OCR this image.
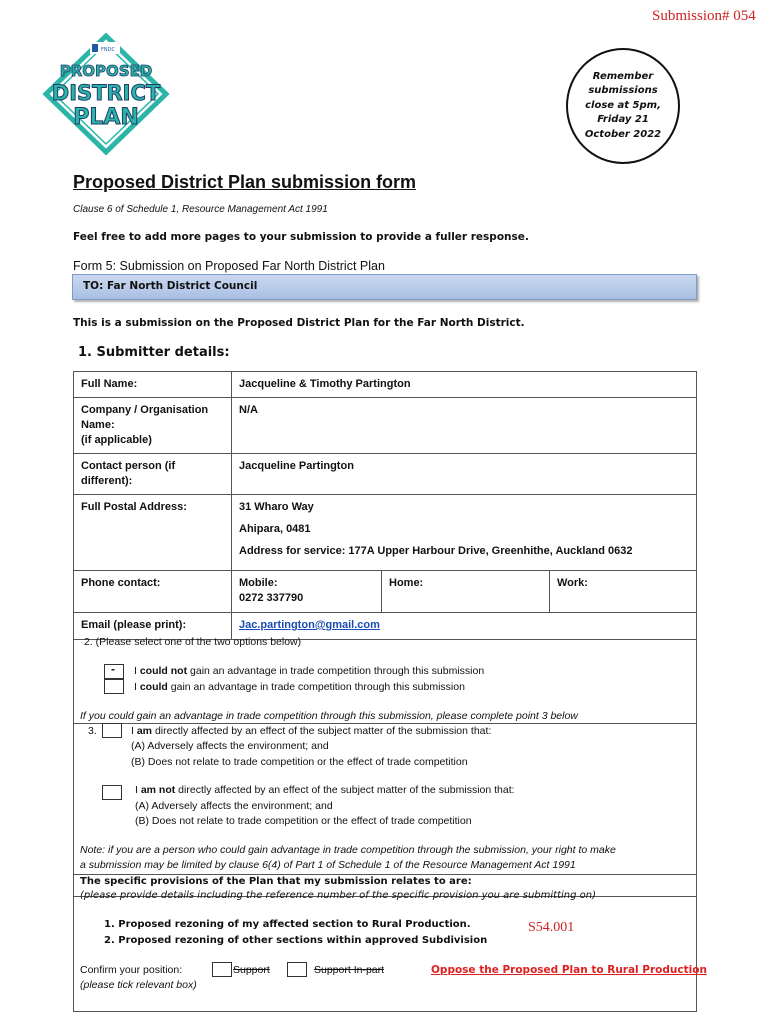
Submission# 054
FNDC
PROPOSED
DISTRICT
PLAN
Remember
submissions
close at 5pm,
Friday 21
October 2022
Proposed District Plan submission form
Clause 6 of Schedule 1, Resource Management Act 1991
Feel free to add more pages to your submission to provide a fuller response.
Form 5: Submission on Proposed Far North District Plan
TO: Far North District Council
This is a submission on the Proposed District Plan for the Far North District.
1. Submitter details:
Full Name:	Jacqueline & Timothy Partington		
Company / Organisation
Name:
(if applicable)	N/A		
Contact person (if
different):	Jacqueline Partington		
Full Postal Address:	31 Wharo Way
Ahipara, 0481
Address for service: 177A Upper Harbour Drive, Greenhithe, Auckland 0632		

Phone contact:	Mobile:
0272 337790	Home:	Work:
Email (please print):	Jac.partington@gmail.com		
2. (Please select one of the two options below)
- I could not gain an advantage in trade competition through this submission
I could gain an advantage in trade competition through this submission
If you could gain an advantage in trade competition through this submission, please complete point 3 below
3.	I am directly affected by an effect of the subject matter of the submission that:
(A) Adversely affects the environment; and
(B) Does not relate to trade competition or the effect of trade competition
I am not directly affected by an effect of the subject matter of the submission that:
(A) Adversely affects the environment; and
(B) Does not relate to trade competition or the effect of trade competition
Note: if you are a person who could gain advantage in trade competition through the submission, your right to make
a submission may be limited by clause 6(4) of Part 1 of Schedule 1 of the Resource Management Act 1991
The specific provisions of the Plan that my submission relates to are:
(please provide details including the reference number of the specific provision you are submitting on)
1. Proposed rezoning of my affected section to Rural Production.
2. Proposed rezoning of other sections within approved Subdivision
S54.001
Confirm your position:
(please tick relevant box)
Support	Support In-part	Oppose the Proposed Plan to Rural Production
